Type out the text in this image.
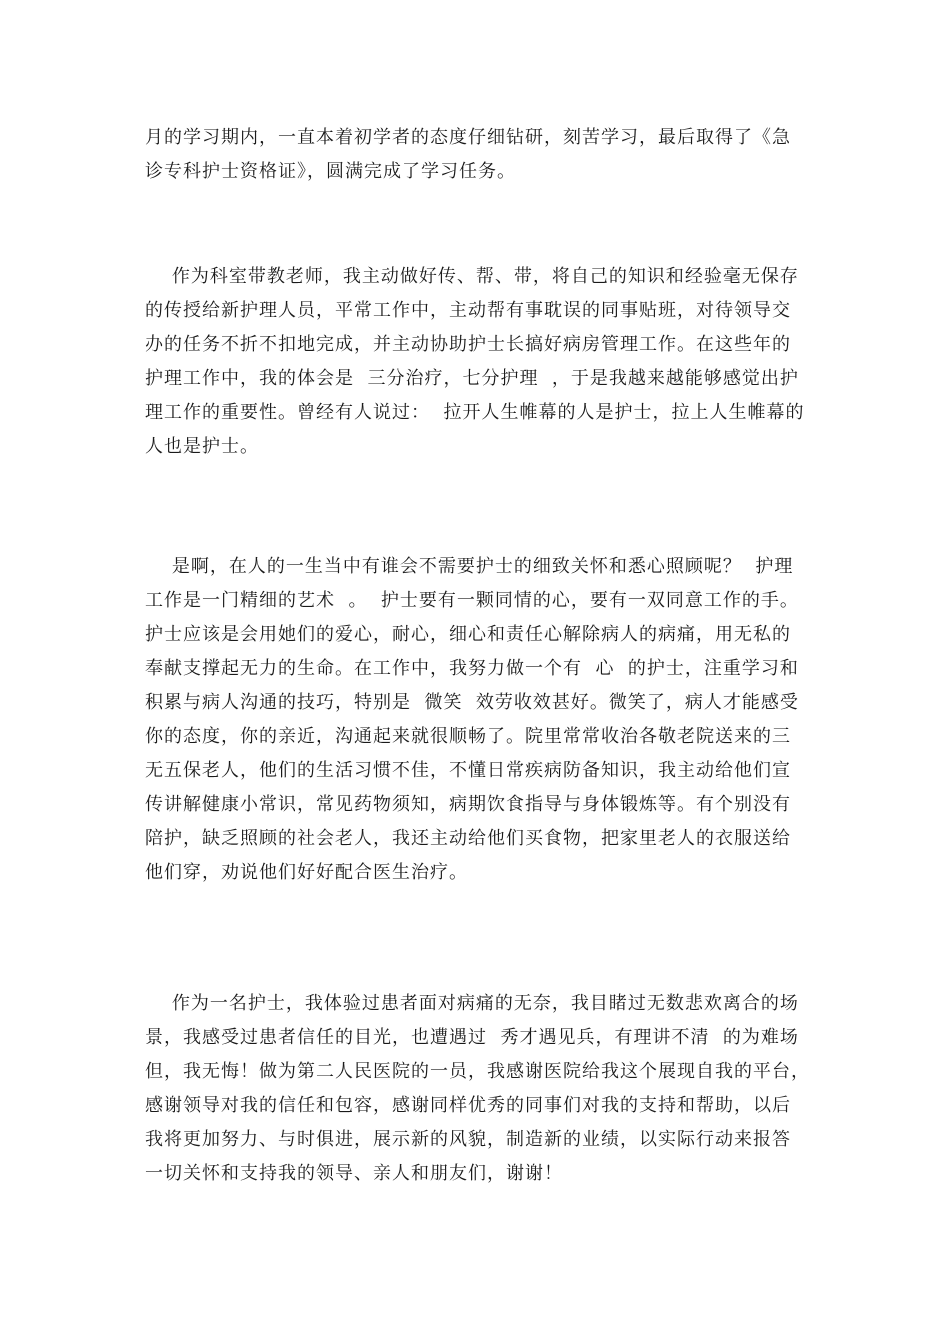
月的学习期内，一直本着初学者的态度仔细钻研，刻苦学习，最后取得了《急
诊专科护士资格证》，圆满完成了学习任务。
作为科室带教老师，我主动做好传、帮、带，将自己的知识和经验毫无保存
的传授给新护理人员，平常工作中，主动帮有事耽误的同事贴班，对待领导交
办的任务不折不扣地完成，并主动协助护士长搞好病房管理工作。在这些年的
护理工作中，我的体会是  三分治疗，七分护理  ，于是我越来越能够感觉出护
理工作的重要性。曾经有人说过：  拉开人生帷幕的人是护士，拉上人生帷幕的
人也是护士。
是啊，在人的一生当中有谁会不需要护士的细致关怀和悉心照顾呢？  护理
工作是一门精细的艺术  。  护士要有一颗同情的心，要有一双同意工作的手。
护士应该是会用她们的爱心，耐心，细心和责任心解除病人的病痛，用无私的
奉献支撑起无力的生命。在工作中，我努力做一个有  心  的护士，注重学习和
积累与病人沟通的技巧，特别是  微笑  效劳收效甚好。微笑了，病人才能感受
你的态度，你的亲近，沟通起来就很顺畅了。院里常常收治各敬老院送来的三
无五保老人，他们的生活习惯不佳，不懂日常疾病防备知识，我主动给他们宣
传讲解健康小常识，常见药物须知，病期饮食指导与身体锻炼等。有个别没有
陪护，缺乏照顾的社会老人，我还主动给他们买食物，把家里老人的衣服送给
他们穿，劝说他们好好配合医生治疗。
作为一名护士，我体验过患者面对病痛的无奈，我目睹过无数悲欢离合的场
景，我感受过患者信任的目光，也遭遇过  秀才遇见兵，有理讲不清  的为难场
但，我无悔！做为第二人民医院的一员，我感谢医院给我这个展现自我的平台，
感谢领导对我的信任和包容，感谢同样优秀的同事们对我的支持和帮助，以后
我将更加努力、与时俱进，展示新的风貌，制造新的业绩，以实际行动来报答
一切关怀和支持我的领导、亲人和朋友们，谢谢！
